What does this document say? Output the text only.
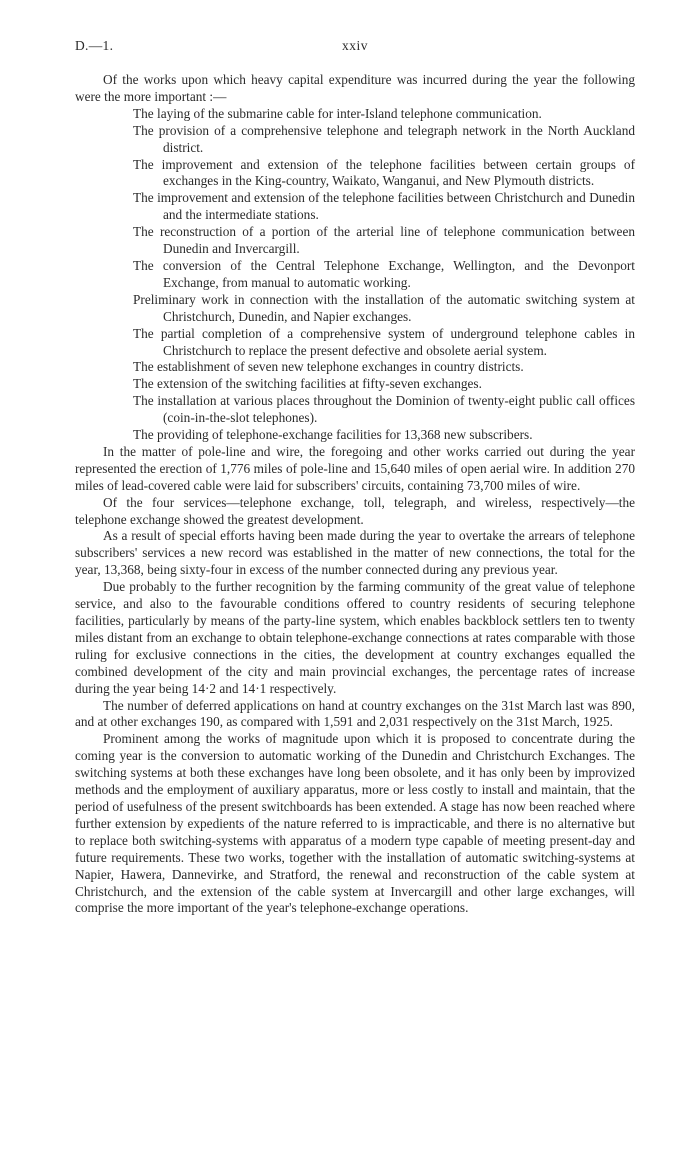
D.—1.	xxiv

Of the works upon which heavy capital expenditure was incurred during the year the following were the more important :—

The laying of the submarine cable for inter-Island telephone communication.
The provision of a comprehensive telephone and telegraph network in the North Auckland district.
The improvement and extension of the telephone facilities between certain groups of exchanges in the King-country, Waikato, Wanganui, and New Plymouth districts.
The improvement and extension of the telephone facilities between Christchurch and Dunedin and the intermediate stations.
The reconstruction of a portion of the arterial line of telephone communication between Dunedin and Invercargill.
The conversion of the Central Telephone Exchange, Wellington, and the Devonport Exchange, from manual to automatic working.
Preliminary work in connection with the installation of the automatic switching system at Christchurch, Dunedin, and Napier exchanges.
The partial completion of a comprehensive system of underground telephone cables in Christchurch to replace the present defective and obsolete aerial system.
The establishment of seven new telephone exchanges in country districts.
The extension of the switching facilities at fifty-seven exchanges.
The installation at various places throughout the Dominion of twenty-eight public call offices (coin-in-the-slot telephones).
The providing of telephone-exchange facilities for 13,368 new subscribers.

In the matter of pole-line and wire, the foregoing and other works carried out during the year represented the erection of 1,776 miles of pole-line and 15,640 miles of open aerial wire. In addition 270 miles of lead-covered cable were laid for subscribers' circuits, containing 73,700 miles of wire.

Of the four services—telephone exchange, toll, telegraph, and wireless, respectively—the telephone exchange showed the greatest development.

As a result of special efforts having been made during the year to overtake the arrears of telephone subscribers' services a new record was established in the matter of new connections, the total for the year, 13,368, being sixty-four in excess of the number connected during any previous year.

Due probably to the further recognition by the farming community of the great value of telephone service, and also to the favourable conditions offered to country residents of securing telephone facilities, particularly by means of the party-line system, which enables backblock settlers ten to twenty miles distant from an exchange to obtain telephone-exchange connections at rates comparable with those ruling for exclusive connections in the cities, the development at country exchanges equalled the combined development of the city and main provincial exchanges, the percentage rates of increase during the year being 14·2 and 14·1 respectively.

The number of deferred applications on hand at country exchanges on the 31st March last was 890, and at other exchanges 190, as compared with 1,591 and 2,031 respectively on the 31st March, 1925.

Prominent among the works of magnitude upon which it is proposed to concentrate during the coming year is the conversion to automatic working of the Dunedin and Christchurch Exchanges. The switching systems at both these exchanges have long been obsolete, and it has only been by improvized methods and the employment of auxiliary apparatus, more or less costly to install and maintain, that the period of usefulness of the present switchboards has been extended. A stage has now been reached where further extension by expedients of the nature referred to is impracticable, and there is no alternative but to replace both switching-systems with apparatus of a modern type capable of meeting present-day and future requirements. These two works, together with the installation of automatic switching-systems at Napier, Hawera, Dannevirke, and Stratford, the renewal and reconstruction of the cable system at Christchurch, and the extension of the cable system at Invercargill and other large exchanges, will comprise the more important of the year's telephone-exchange operations.
